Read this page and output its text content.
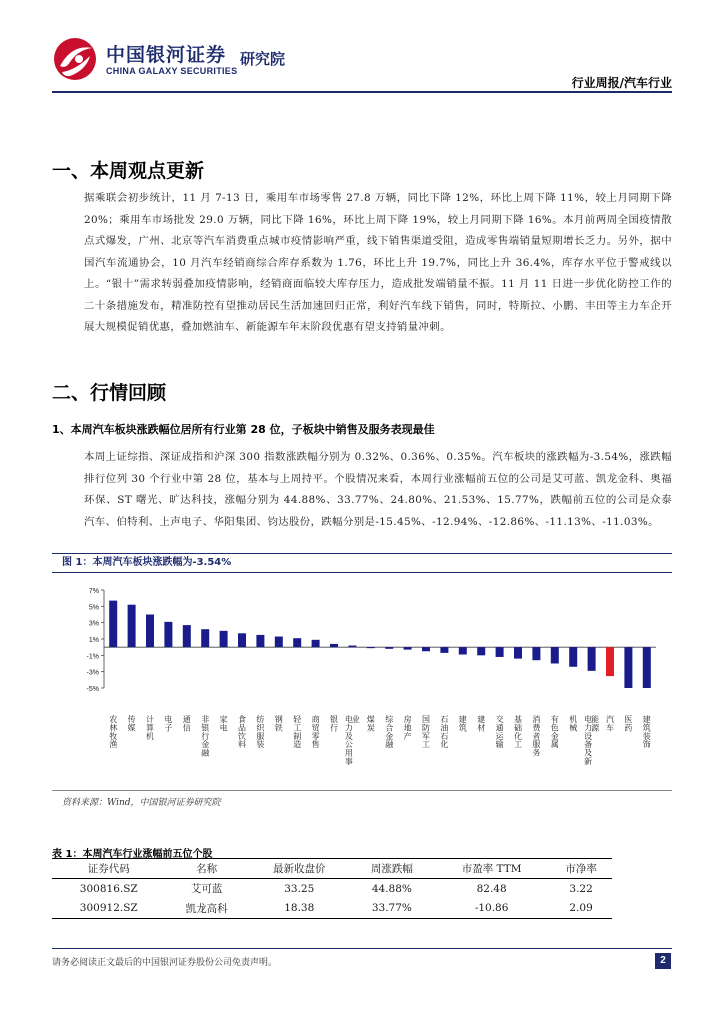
中国银河证券
CHINA GALAXY SECURITIES
研究院
行业周报/汽车行业
一、本周观点更新
据乘联会初步统计，11 月 7-13 日，乘用车市场零售 27.8 万辆，同比下降 12%，环比上周下降 11%，较上月同期下降 20%；乘用车市场批发 29.0 万辆，同比下降 16%，环比上周下降 19%，较上月同期下降 16%。本月前两周全国疫情散点式爆发，广州、北京等汽车消费重点城市疫情影响严重，线下销售渠道受阻，造成零售端销量短期增长乏力。另外，据中国汽车流通协会，10 月汽车经销商综合库存系数为 1.76，环比上升 19.7%，同比上升 36.4%，库存水平位于警戒线以上。“银十”需求转弱叠加疫情影响，经销商面临较大库存压力，造成批发端销量不振。11 月 11 日进一步优化防控工作的二十条措施发布，精准防控有望推动居民生活加速回归正常，利好汽车线下销售，同时，特斯拉、小鹏、丰田等主力车企开展大规模促销优惠，叠加燃油车、新能源车年末阶段优惠有望支持销量冲刺。
二、行情回顾
1、本周汽车板块涨跌幅位居所有行业第 28 位，子板块中销售及服务表现最佳
本周上证综指、深证成指和沪深 300 指数涨跌幅分别为 0.32%、0.36%、0.35%。汽车板块的涨跌幅为-3.54%，涨跌幅排行位列 30 个行业中第 28 位，基本与上周持平。个股情况来看，本周行业涨幅前五位的公司是艾可蓝、凯龙金科、奥福环保、ST 曙光、旷达科技，涨幅分别为 44.88%、33.77%、24.80%、21.53%、15.77%，跌幅前五位的公司是众泰汽车、伯特利、上声电子、华阳集团、钧达股份，跌幅分别是-15.45%、-12.94%、-12.86%、-11.13%、-11.03%。
图 1：本周汽车板块涨跌幅为-3.54%
7%
5%
3%
1%
-1%
-3%
-5%
农林牧渔
传媒
计算机
电子
通信
非银行金融
家电
食品饮料
纺织服装
钢铁
轻工制造
商贸零售
银行
电力及公用事业 煤炭
综合金融
房地产
国防军工
石油石化
建筑
建材
交通运输
基础化工
消费者服务
有色金属
机械
电力设备及新能源
汽车
医药
建筑装饰
资料来源：Wind，中国银河证券研究院
表 1：本周汽车行业涨幅前五位个股
证券代码	名称	最新收盘价	周涨跌幅	市盈率 TTM	市净率
300816.SZ	艾可蓝	33.25	44.88%	82.48	3.22
300912.SZ	凯龙高科	18.38	33.77%	-10.86	2.09
请务必阅读正文最后的中国银河证券股份公司免责声明。	2
